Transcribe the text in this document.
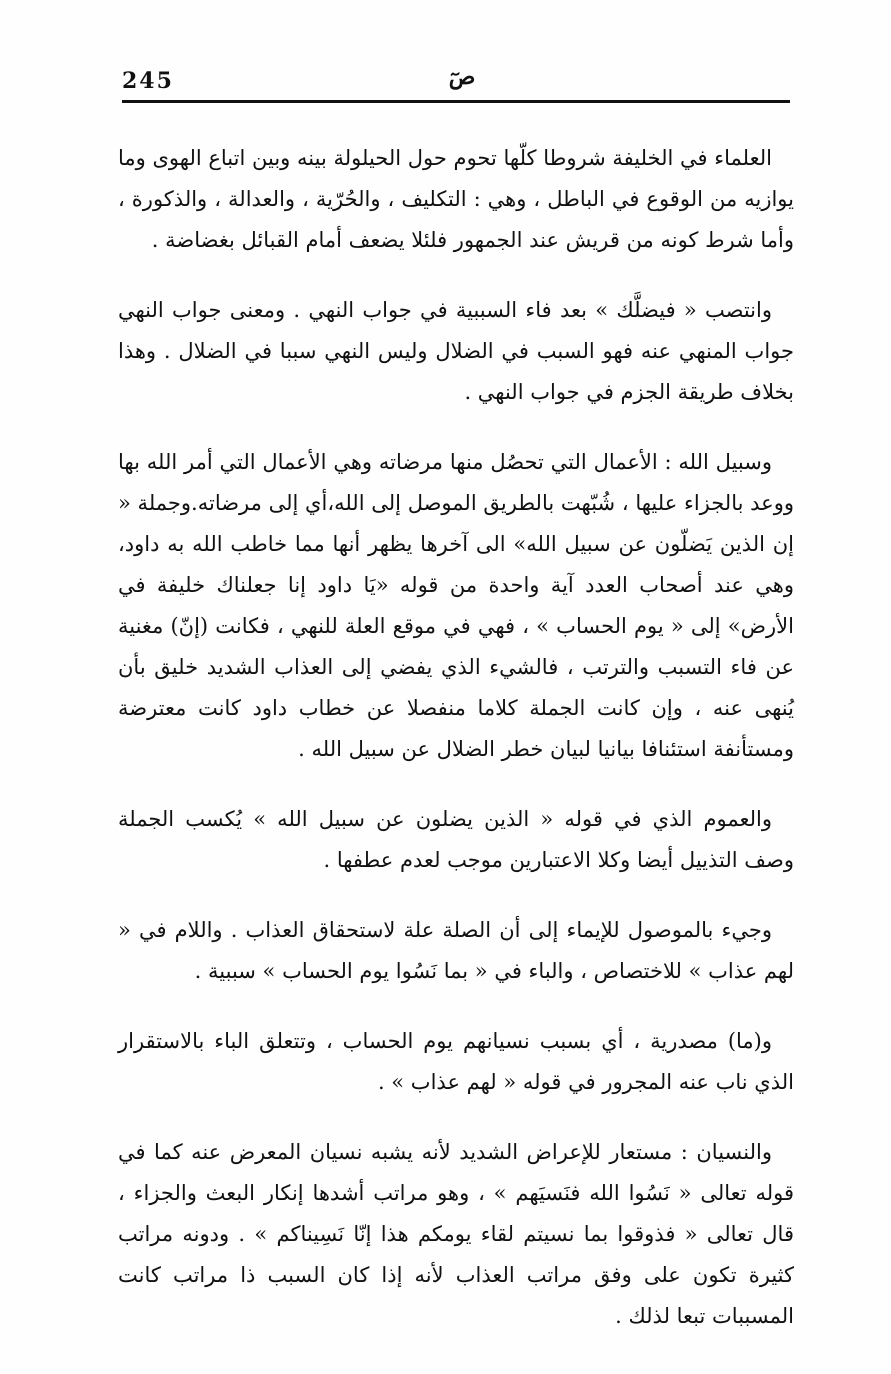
245	صٓ

العلماء في الخليفة شروطا كلّها تحوم حول الحيلولة بينه وبين اتباع الهوى وما يوازيه من الوقوع في الباطل ، وهي : التكليف ، والحُرّية ، والعدالة ، والذكورة ، وأما شرط كونه من قريش عند الجمهور فلئلا يضعف أمام القبائل بغضاضة .

وانتصب « فيضلَّك » بعد فاء السببية في جواب النهي . ومعنى جواب النهي جواب المنهي عنه فهو السبب في الضلال وليس النهي سببا في الضلال . وهذا بخلاف طريقة الجزم في جواب النهي .

وسبيل الله : الأعمال التي تحصُل منها مرضاته وهي الأعمال التي أمر الله بها ووعد بالجزاء عليها ، شُبّهت بالطريق الموصل إلى الله،أي إلى مرضاته.وجملة « إن الذين يَضلّون عن سبيل الله» الى آخرها يظهر أنها مما خاطب الله به داود، وهي عند أصحاب العدد آية واحدة من قوله «يَا داود إنا جعلناك خليفة في الأرض» إلى « يوم الحساب » ، فهي في موقع العلة للنهي ، فكانت (إنّ) مغنية عن فاء التسبب والترتب ، فالشيء الذي يفضي إلى العذاب الشديد خليق بأن يُنهى عنه ، وإن كانت الجملة كلاما منفصلا عن خطاب داود كانت معترضة ومستأنفة استئنافا بيانيا لبيان خطر الضلال عن سبيل الله .

والعموم الذي في قوله « الذين يضلون عن سبيل الله » يُكسب الجملة وصف التذييل أيضا وكلا الاعتبارين موجب لعدم عطفها .

وجيء بالموصول للإيماء إلى أن الصلة علة لاستحقاق العذاب . واللام في « لهم عذاب » للاختصاص ، والباء في « بما نَسُوا يوم الحساب » سببية .

و(ما) مصدرية ، أي بسبب نسيانهم يوم الحساب ، وتتعلق الباء بالاستقرار الذي ناب عنه المجرور في قوله « لهم عذاب » .

والنسيان : مستعار للإعراض الشديد لأنه يشبه نسيان المعرض عنه كما في قوله تعالى « نَسُوا الله فنَسيَهم » ، وهو مراتب أشدها إنكار البعث والجزاء ، قال تعالى « فذوقوا بما نسيتم لقاء يومكم هذا إنّا نَسِيناكم » . ودونه مراتب كثيرة تكون على وفق مراتب العذاب لأنه إذا كان السبب ذا مراتب كانت المسببات تبعا لذلك .
